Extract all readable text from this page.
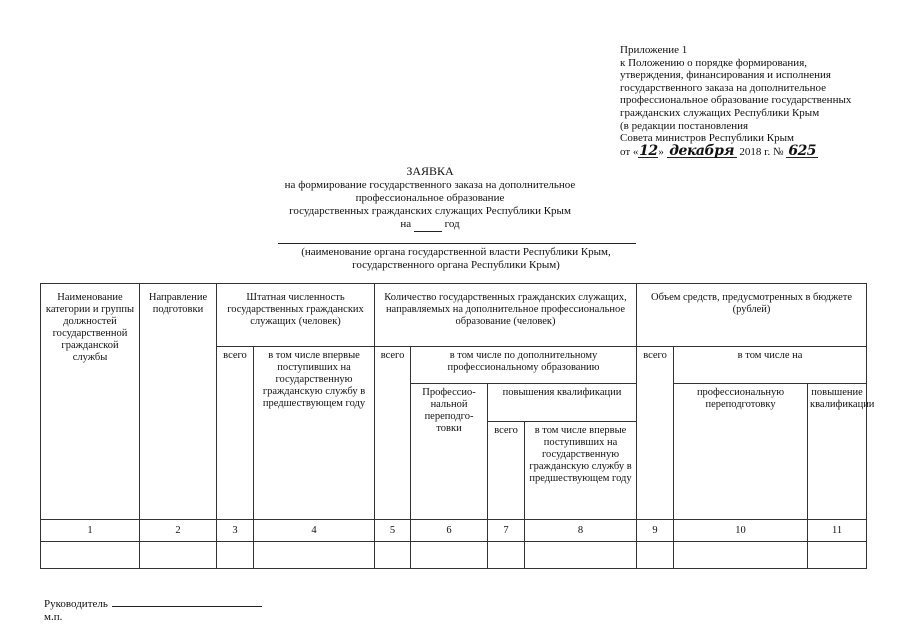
Приложение 1
к Положению о порядке формирования,
утверждения, финансирования и исполнения
государственного заказа на дополнительное
профессиональное образование государственных
гражданских служащих Республики Крым
(в редакции постановления
Совета министров Республики Крым
от «12» декабря 2018 г. № 625
ЗАЯВКА
на формирование государственного заказа на дополнительное
профессиональное образование
государственных гражданских служащих Республики Крым
на	год
(наименование органа государственной власти Республики Крым,
государственного органа Республики Крым)
Наименование категории и группы должностей государственной гражданской службы	Направление подготовки	Штатная численность государственных гражданских служащих (человек)		Количество государственных гражданских служащих, направляемых на дополнительное профессиональное образование (человек)				Объем средств, предусмотренных в бюджете (рублей)		
		всего	в том числе впервые поступивших на государственную гражданскую службу в предшествующем году	всего	в том числе по дополнительному профессиональному образованию			всего	в том числе на	
					Профессио-нальной переподго-товки	повышения квалификации			профессиональную переподготовку	повышение квалификации
						всего	в том числе впервые поступивших на государственную гражданскую службу в предшествующем году			
1	2	3	4	5	6	7	8	9	10	11

Руководитель
м.п.
